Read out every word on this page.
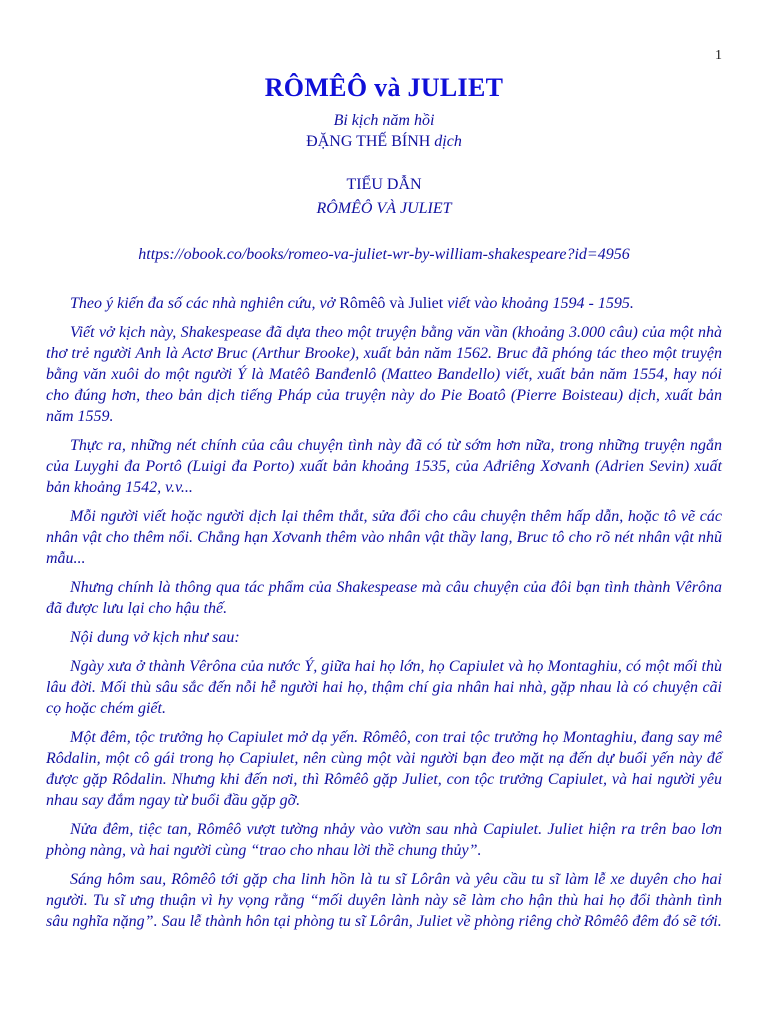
1
RÔMÊÔ và JULIET
Bi kịch năm hồi
ĐẶNG THẾ BÍNH dịch
TIỂU DẪN
RÔMÊÔ VÀ JULIET
https://obook.co/books/romeo-va-juliet-wr-by-william-shakespeare?id=4956

Theo ý kiến đa số các nhà nghiên cứu, vở Rômêô và Juliet viết vào khoảng 1594 - 1595.

Viết vở kịch này, Shakespease đã dựa theo một truyện bằng văn vần (khoảng 3.000 câu) của một nhà thơ trẻ người Anh là Actơ Bruc (Arthur Brooke), xuất bản năm 1562. Bruc đã phóng tác theo một truyện bằng văn xuôi do một người Ý là Matêô Banđenlô (Matteo Bandello) viết, xuất bản năm 1554, hay nói cho đúng hơn, theo bản dịch tiếng Pháp của truyện này do Pie Boatô (Pierre Boisteau) dịch, xuất bản năm 1559.

Thực ra, những nét chính của câu chuyện tình này đã có từ sớm hơn nữa, trong những truyện ngắn của Luyghi đa Portô (Luigi đa Porto) xuất bản khoảng 1535, của Ađriêng Xơvanh (Adrien Sevin) xuất bản khoảng 1542, v.v...

Mỗi người viết hoặc người dịch lại thêm thắt, sửa đổi cho câu chuyện thêm hấp dẫn, hoặc tô vẽ các nhân vật cho thêm nổi. Chẳng hạn Xơvanh thêm vào nhân vật thầy lang, Bruc tô cho rõ nét nhân vật nhũ mẫu...

Nhưng chính là thông qua tác phẩm của Shakespease mà câu chuyện của đôi bạn tình thành Vêrôna đã được lưu lại cho hậu thế.

Nội dung vở kịch như sau:

Ngày xưa ở thành Vêrôna của nước Ý, giữa hai họ lớn, họ Capiulet và họ Montaghiu, có một mối thù lâu đời. Mối thù sâu sắc đến nỗi hễ người hai họ, thậm chí gia nhân hai nhà, gặp nhau là có chuyện cãi cọ hoặc chém giết.

Một đêm, tộc trưởng họ Capiulet mở dạ yến. Rômêô, con trai tộc trưởng họ Montaghiu, đang say mê Rôdalin, một cô gái trong họ Capiulet, nên cùng một vài người bạn đeo mặt nạ đến dự buổi yến này để được gặp Rôdalin. Nhưng khi đến nơi, thì Rômêô gặp Juliet, con tộc trưởng Capiulet, và hai người yêu nhau say đắm ngay từ buổi đầu gặp gỡ.

Nửa đêm, tiệc tan, Rômêô vượt tường nhảy vào vườn sau nhà Capiulet. Juliet hiện ra trên bao lơn phòng nàng, và hai người cùng “trao cho nhau lời thề chung thủy”.

Sáng hôm sau, Rômêô tới gặp cha linh hồn là tu sĩ Lôrân và yêu cầu tu sĩ làm lễ xe duyên cho hai người. Tu sĩ ưng thuận vì hy vọng rằng “mối duyên lành này sẽ làm cho hận thù hai họ đổi thành tình sâu nghĩa nặng”. Sau lễ thành hôn tại phòng tu sĩ Lôrân, Juliet về phòng riêng chờ Rômêô đêm đó sẽ tới.
